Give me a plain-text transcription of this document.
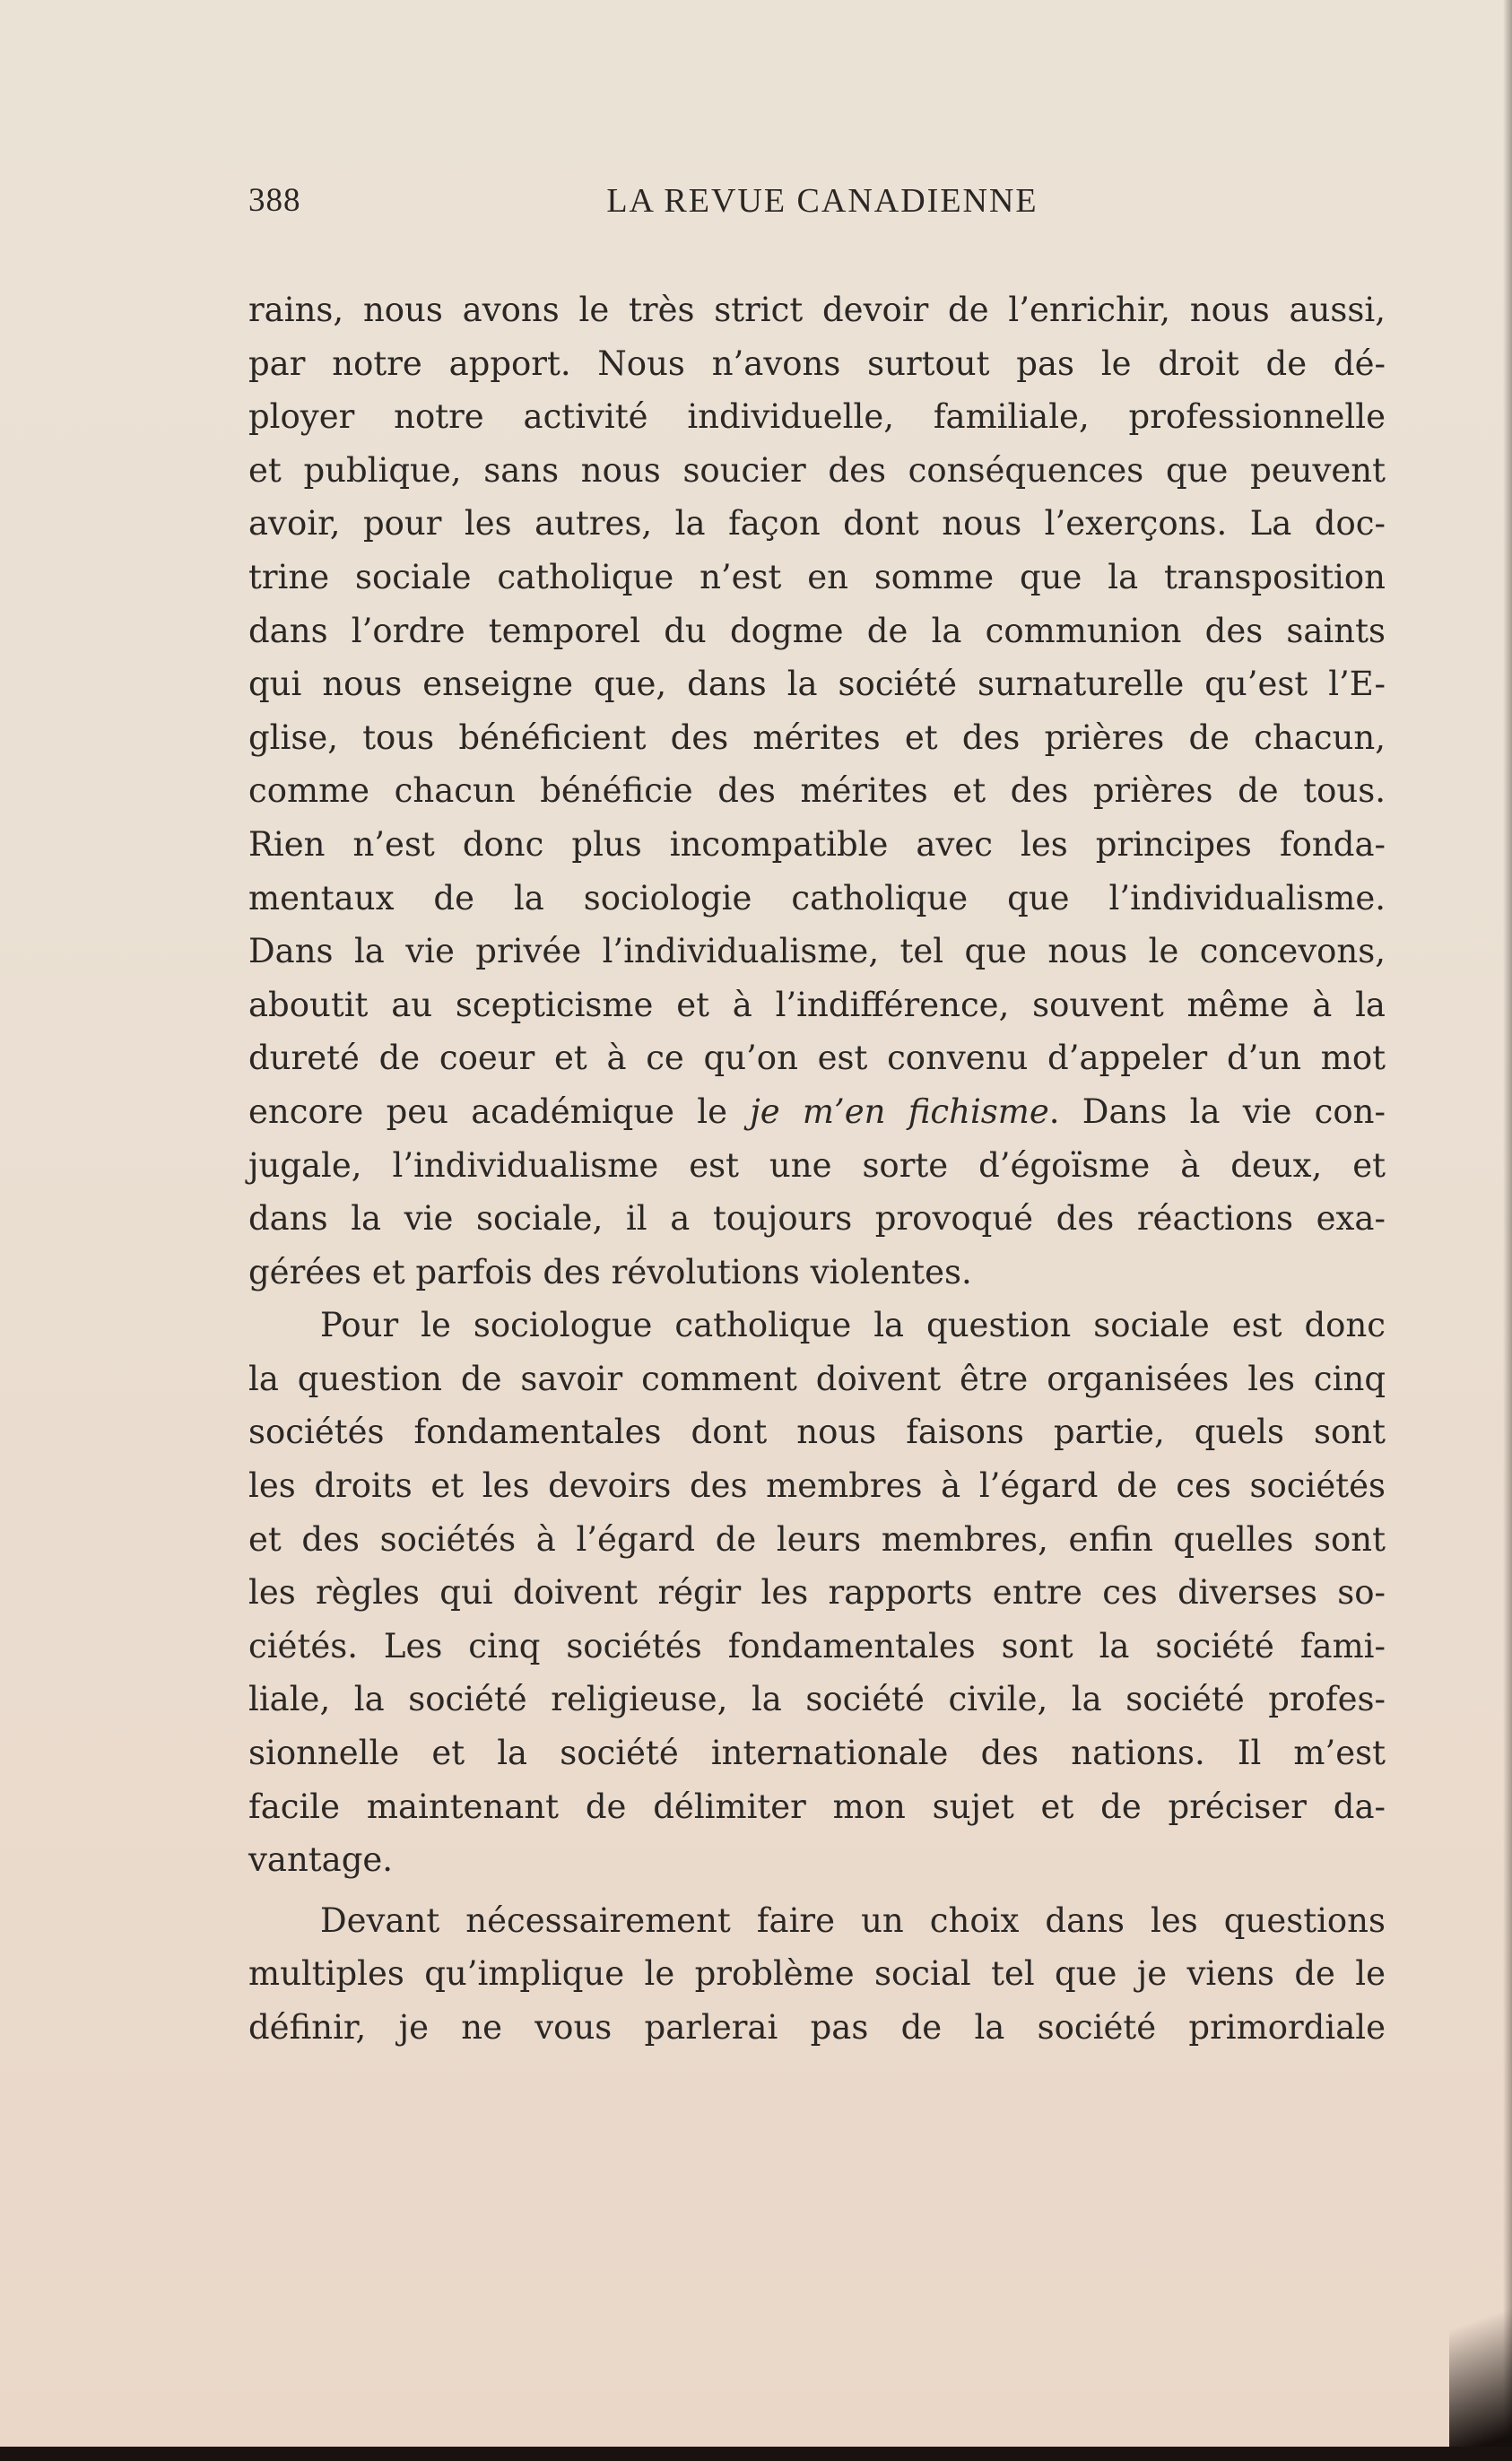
388	LA REVUE CANADIENNE
rains, nous avons le très strict devoir de l’enrichir, nous aussi,
par notre apport. Nous n’avons surtout pas le droit de dé-
ployer notre activité individuelle, familiale, professionnelle
et publique, sans nous soucier des conséquences que peuvent
avoir, pour les autres, la façon dont nous l’exerçons. La doc-
trine sociale catholique n’est en somme que la transposition
dans l’ordre temporel du dogme de la communion des saints
qui nous enseigne que, dans la société surnaturelle qu’est l’E-
glise, tous bénéficient des mérites et des prières de chacun,
comme chacun bénéficie des mérites et des prières de tous.
Rien n’est donc plus incompatible avec les principes fonda-
mentaux de la sociologie catholique que l’individualisme.
Dans la vie privée l’individualisme, tel que nous le concevons,
aboutit au scepticisme et à l’indifférence, souvent même à la
dureté de coeur et à ce qu’on est convenu d’appeler d’un mot
encore peu académique le je m’en fichisme. Dans la vie con-
jugale, l’individualisme est une sorte d’égoïsme à deux, et
dans la vie sociale, il a toujours provoqué des réactions exa-
gérées et parfois des révolutions violentes.
Pour le sociologue catholique la question sociale est donc
la question de savoir comment doivent être organisées les cinq
sociétés fondamentales dont nous faisons partie, quels sont
les droits et les devoirs des membres à l’égard de ces sociétés
et des sociétés à l’égard de leurs membres, enfin quelles sont
les règles qui doivent régir les rapports entre ces diverses so-
ciétés. Les cinq sociétés fondamentales sont la société fami-
liale, la société religieuse, la société civile, la société profes-
sionnelle et la société internationale des nations. Il m’est
facile maintenant de délimiter mon sujet et de préciser da-
vantage.
Devant nécessairement faire un choix dans les questions
multiples qu’implique le problème social tel que je viens de le
définir, je ne vous parlerai pas de la société primordiale
